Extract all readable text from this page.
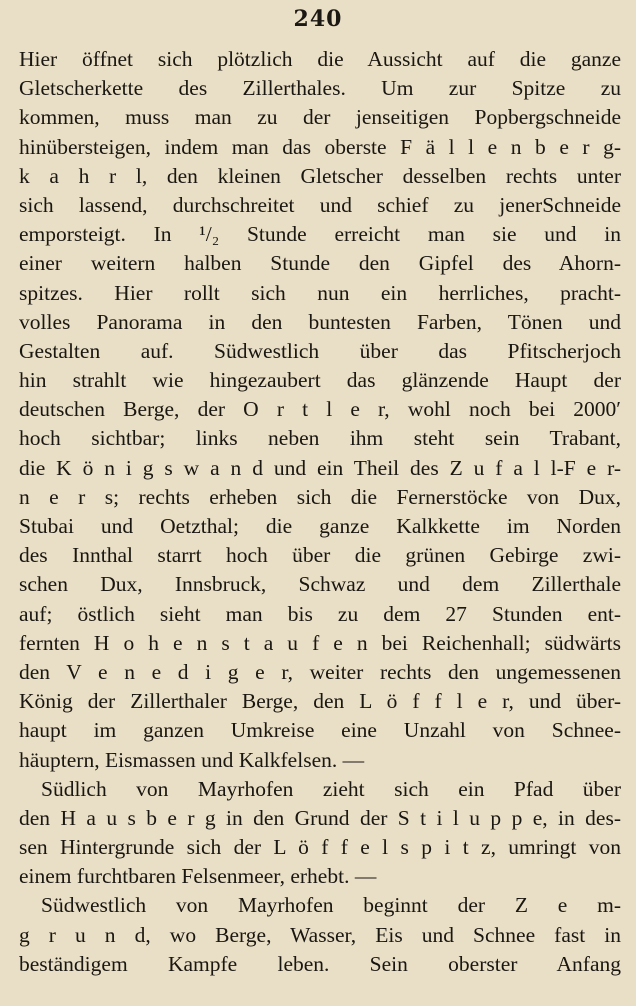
240
Hier öffnet sich plötzlich die Aussicht auf die ganze
Gletscherkette des Zillerthales. Um zur Spitze zu
kommen, muss man zu der jenseitigen Popbergschneide
hinübersteigen, indem man das oberste F ä l l e n b e r g-
k a h r l, den kleinen Gletscher desselben rechts unter
sich lassend, durchschreitet und schief zu jenerSchneide
emporsteigt. In ¹/₂ Stunde erreicht man sie und in
einer weitern halben Stunde den Gipfel des Ahorn-
spitzes. Hier rollt sich nun ein herrliches, pracht-
volles Panorama in den buntesten Farben, Tönen und
Gestalten auf. Südwestlich über das Pfitscherjoch
hin strahlt wie hingezaubert das glänzende Haupt der
deutschen Berge, der O r t l e r, wohl noch bei 2000′
hoch sichtbar; links neben ihm steht sein Trabant,
die K ö n i g s w a n d und ein Theil des Z u f a l l-F e r-
n e r s; rechts erheben sich die Fernerstöcke von Dux,
Stubai und Oetzthal; die ganze Kalkkette im Norden
des Innthal starrt hoch über die grünen Gebirge zwi-
schen Dux, Innsbruck, Schwaz und dem Zillerthale
auf; östlich sieht man bis zu dem 27 Stunden ent-
fernten H o h e n s t a u f e n bei Reichenhall; südwärts
den V e n e d i g e r, weiter rechts den ungemessenen
König der Zillerthaler Berge, den L ö f f l e r, und über-
haupt im ganzen Umkreise eine Unzahl von Schnee-
häuptern, Eismassen und Kalkfelsen. —
Südlich von Mayrhofen zieht sich ein Pfad über
den H a u s b e r g in den Grund der S t i l u p p e, in des-
sen Hintergrunde sich der L ö f f e l s p i t z, umringt von
einem furchtbaren Felsenmeer, erhebt. —
Südwestlich von Mayrhofen beginnt der Z e m-
g r u n d, wo Berge, Wasser, Eis und Schnee fast in
beständigem Kampfe leben. Sein oberster Anfang
